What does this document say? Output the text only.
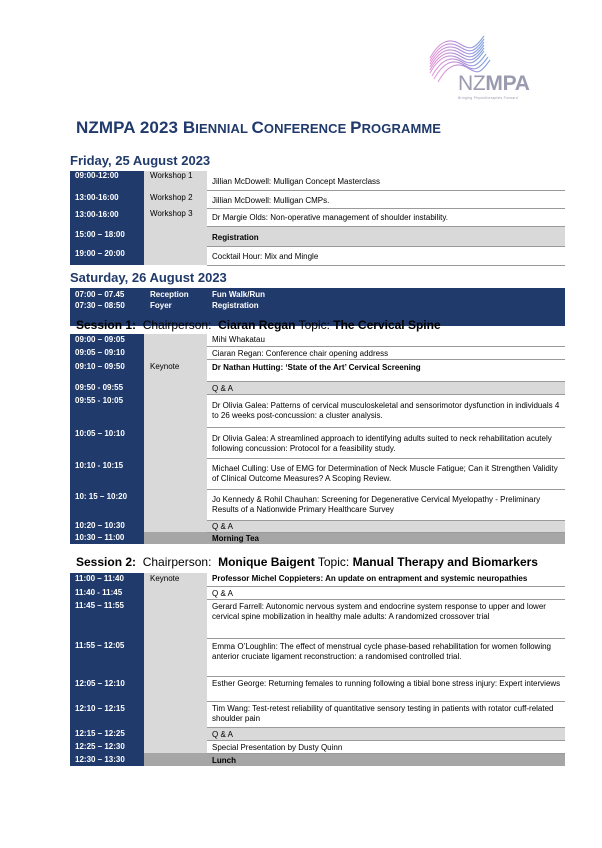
NZMPA
Bringing Physiotherapists Forward
NZMPA 2023 BIENNIAL CONFERENCE PROGRAMME
Friday, 25 August 2023
09:00-12:00	Workshop 1	Jillian McDowell: Mulligan Concept Masterclass
13:00-16:00	Workshop 2	Jillian McDowell: Mulligan CMPs.
13:00-16:00	Workshop 3	Dr Margie Olds: Non-operative management of shoulder instability.
15:00 – 18:00		Registration
19:00 – 20:00		Cocktail Hour: Mix and Mingle
Saturday, 26 August 2023
07:00 – 07.45	Reception	Fun Walk/Run
07:30 – 08:50	Foyer	Registration
Session 1: Chairperson: Ciaran Regan Topic: The Cervical Spine
09:00 – 09:05		Mihi Whakatau
09:05 – 09:10		Ciaran Regan: Conference chair opening address
09:10 – 09:50	Keynote	Dr Nathan Hutting: ‘State of the Art’ Cervical Screening
09:50 - 09:55		Q & A
09:55 - 10:05		Dr Olivia Galea: Patterns of cervical musculoskeletal and sensorimotor dysfunction in individuals 4 to 26 weeks post-concussion: a cluster analysis.
10:05 – 10:10		Dr Olivia Galea: A streamlined approach to identifying adults suited to neck rehabilitation acutely following concussion: Protocol for a feasibility study.
10:10 - 10:15		Michael Culling: Use of EMG for Determination of Neck Muscle Fatigue; Can it Strengthen Validity of Clinical Outcome Measures? A Scoping Review.
10: 15 – 10:20		Jo Kennedy & Rohil Chauhan: Screening for Degenerative Cervical Myelopathy - Preliminary Results of a Nationwide Primary Healthcare Survey
10:20 – 10:30		Q & A
10:30 – 11:00		Morning Tea
Session 2: Chairperson: Monique Baigent Topic: Manual Therapy and Biomarkers
11:00 – 11:40	Keynote	Professor Michel Coppieters: An update on entrapment and systemic neuropathies
11:40 - 11:45		Q & A
11:45 – 11:55		Gerard Farrell: Autonomic nervous system and endocrine system response to upper and lower cervical spine mobilization in healthy male adults: A randomized crossover trial
11:55 – 12:05		Emma O’Loughlin: The effect of menstrual cycle phase-based rehabilitation for women following anterior cruciate ligament reconstruction: a randomised controlled trial.
12:05 – 12:10		Esther George: Returning females to running following a tibial bone stress injury: Expert interviews
12:10 – 12:15		Tim Wang: Test-retest reliability of quantitative sensory testing in patients with rotator cuff-related shoulder pain
12:15 – 12:25		Q & A
12:25 – 12:30		Special Presentation by Dusty Quinn
12:30 – 13:30		Lunch
